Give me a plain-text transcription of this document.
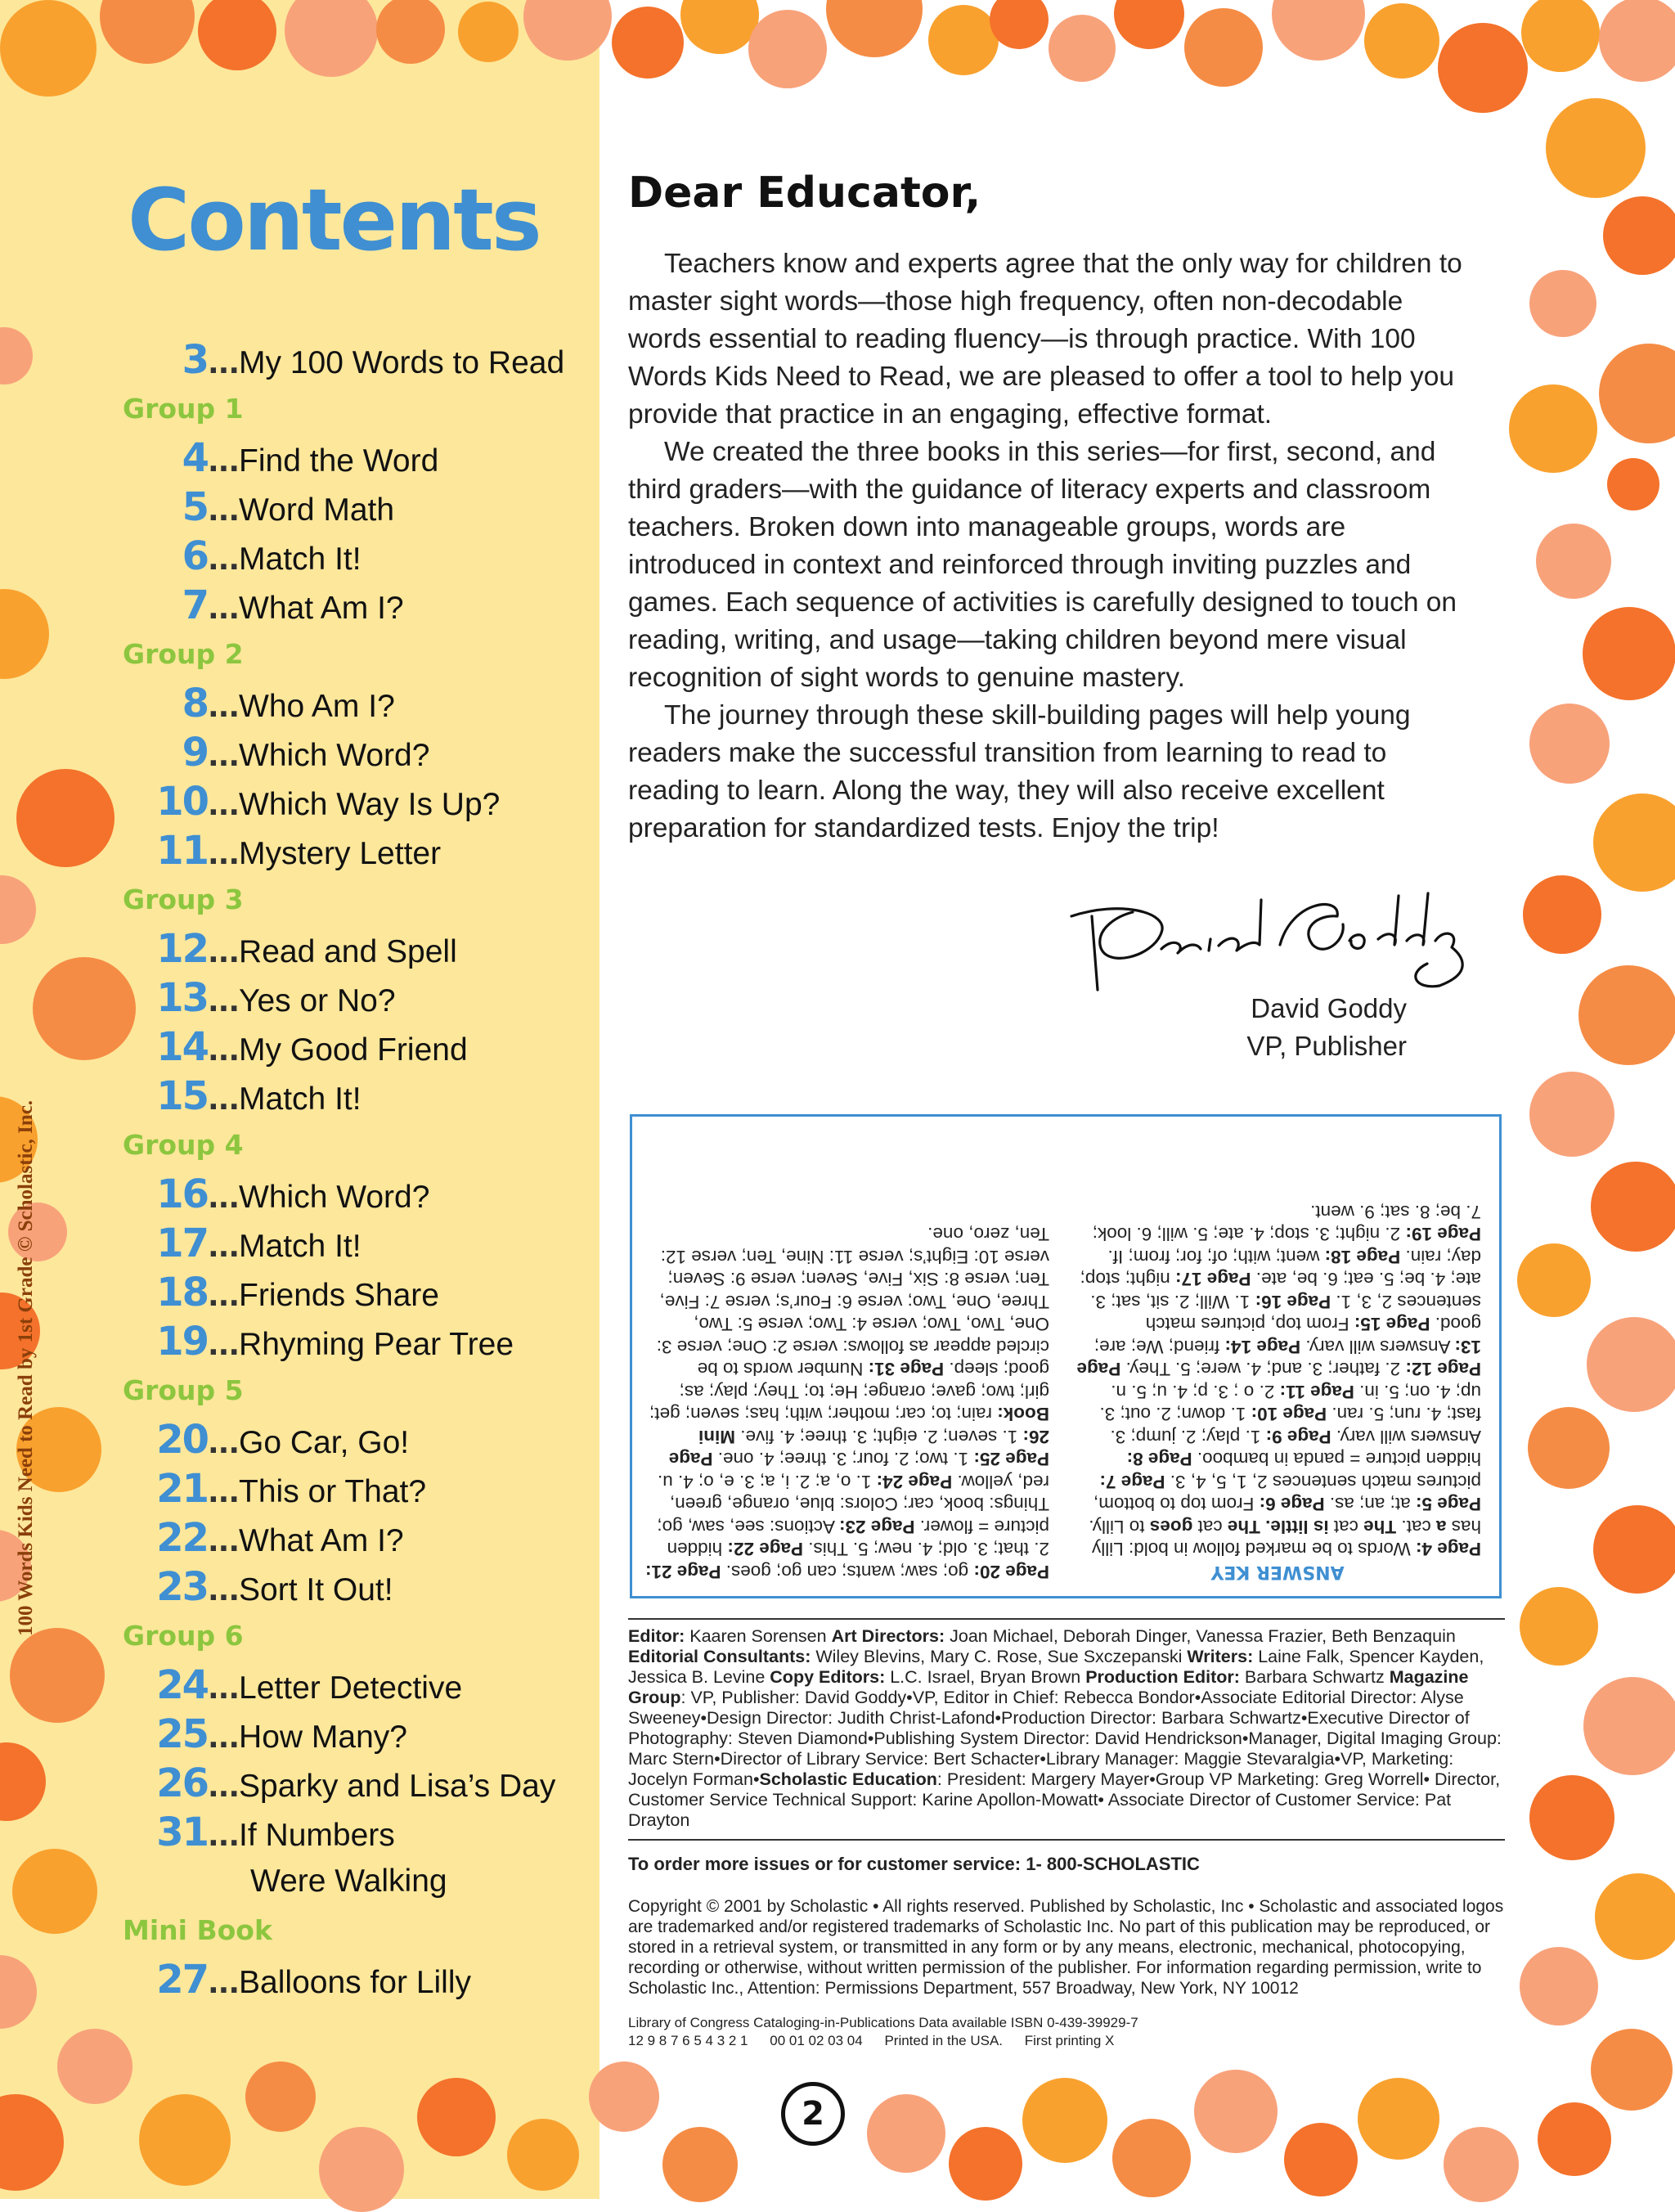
Contents
3...My 100 Words to Read
Group 1
4...Find the Word
5...Word Math
6...Match It!
7...What Am I?
Group 2
8...Who Am I?
9...Which Word?
10...Which Way Is Up?
11...Mystery Letter
Group 3
12...Read and Spell
13...Yes or No?
14...My Good Friend
15...Match It!
Group 4
16...Which Word?
17...Match It!
18...Friends Share
19...Rhyming Pear Tree
Group 5
20...Go Car, Go!
21...This or That?
22...What Am I?
23...Sort It Out!
Group 6
24...Letter Detective
25...How Many?
26...Sparky and Lisa’s Day
31...If Numbers
Were Walking
Mini Book
27...Balloons for Lilly
100 Words Kids Need to Read by 1st Grade © Scholastic, Inc.
Dear Educator,

Teachers know and experts agree that the only way for children to master sight words—those high frequency, often non-decodable words essential to reading fluency—is through practice. With 100 Words Kids Need to Read, we are pleased to offer a tool to help you provide that practice in an engaging, effective format.

We created the three books in this series—for first, second, and third graders—with the guidance of literacy experts and classroom teachers. Broken down into manageable groups, words are introduced in context and reinforced through inviting puzzles and games. Each sequence of activities is carefully designed to touch on reading, writing, and usage—taking children beyond mere visual recognition of sight words to genuine mastery.

The journey through these skill-building pages will help young readers make the successful transition from learning to read to reading to learn. Along the way, they will also receive excellent preparation for standardized tests. Enjoy the trip!

David Goddy
VP, Publisher
ANSWER KEY
Page 4: Words to be marked follow in bold: Lilly has a cat. The cat is little. The cat goes to Lilly. Page 5: at; an; as. Page 6: From top to bottom, pictures match sentences 2, 1, 5, 4, 3. Page 7: hidden picture = panda in bamboo. Page 8: Answers will vary. Page 9: 1. play; 2. jump; 3. fast; 4. run; 5. ran. Page 10: 1. down; 2. out; 3. up; 4. on; 5. in. Page 11: 2. o ; 3. p; 4. u; 5. n. Page 12: 2. father; 3. and; 4. were; 5. They. Page 13: Answers will vary. Page 14: friend; We; are; good. Page 15: From top, pictures match sentences 2, 3, 1. Page 16: 1. Will; 2. sit, sat; 3. ate; 4. be; 5. eat; 6. be, ate. Page 17: night; stop; day; rain. Page 18: went; with; of; for; from; If. Page 19: 2. night; 3. stop; 4. ate; 5. will; 6. look; 7. be; 8. sat; 9. went.
Page 20: go; saw; wants; can go; goes. Page 21: 2. that; 3. old; 4. new; 5. This. Page 22: hidden picture = flower. Page 23: Actions: see, saw, go; Things: book, car; Colors: blue, orange, green, red, yellow. Page 24: 1. o, a; 2. i, a; 3. e, o; 4. u. Page 25: 1. two; 2. four; 3. three; 4. one. Page 26: 1. seven; 2. eight; 3. three; 4. five. Mini Book: rain; to; car; mother; with; has; seven; get; girl; two; gave; orange; He; to; They; play; as; good; sleep. Page 31: Number words to be circled appear as follows: verse 2: One; verse 3: One, Two, Two; verse 4: Two; verse 5: Two, Three, One, Two; verse 6: Four’s; verse 7: Five, Ten; verse 8: Six, Five, Seven; verse 9: Seven; verse 10: Eight’s; verse 11: Nine, Ten; verse 12: Ten, zero, one.
Editor: Kaaren Sorensen Art Directors: Joan Michael, Deborah Dinger, Vanessa Frazier, Beth Benzaquin Editorial Consultants: Wiley Blevins, Mary C. Rose, Sue Sxczepanski Writers: Laine Falk, Spencer Kayden, Jessica B. Levine Copy Editors: L.C. Israel, Bryan Brown Production Editor: Barbara Schwartz Magazine Group: VP, Publisher: David Goddy•VP, Editor in Chief: Rebecca Bondor•Associate Editorial Director: Alyse Sweeney•Design Director: Judith Christ-Lafond•Production Director: Barbara Schwartz•Executive Director of Photography: Steven Diamond•Publishing System Director: David Hendrickson•Manager, Digital Imaging Group: Marc Stern•Director of Library Service: Bert Schacter•Library Manager: Maggie Stevaralgia•VP, Marketing: Jocelyn Forman•Scholastic Education: President: Margery Mayer•Group VP Marketing: Greg Worrell• Director, Customer Service Technical Support: Karine Apollon-Mowatt• Associate Director of Customer Service: Pat Drayton
To order more issues or for customer service: 1- 800-SCHOLASTIC
Copyright © 2001 by Scholastic • All rights reserved. Published by Scholastic, Inc • Scholastic and associated logos are trademarked and/or registered trademarks of Scholastic Inc. No part of this publication may be reproduced, or stored in a retrieval system, or transmitted in any form or by any means, electronic, mechanical, photocopying, recording or otherwise, without written permission of the publisher. For information regarding permission, write to Scholastic Inc., Attention: Permissions Department, 557 Broadway, New York, NY 10012
Library of Congress Cataloging-in-Publications Data available ISBN 0-439-39929-7
12 9 8 7 6 5 4 3 2 1 00 01 02 03 04 Printed in the USA. First printing X
2
